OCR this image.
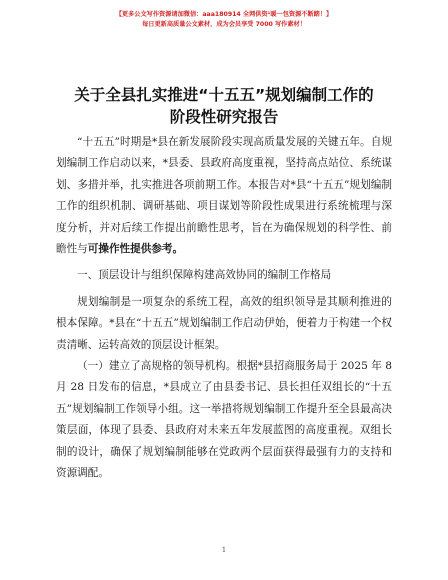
【更多公文写作资源请加微信：aaa180914 全网供资¹暖一包资源不断踏！】
每日更新高质量公文素材，成为会员享受 7000 写作素材！
关于全县扎实推进“十五五”规划编制工作的
阶段性研究报告

“十五五”时期是*县在新发展阶段实现高质量发展的关键五年。自规划编制工作启动以来，*县委、县政府高度重视，坚持高点站位、系统谋划、多措并举，扎实推进各项前期工作。本报告对*县“十五五”规划编制工作的组织机制、调研基础、项目谋划等阶段性成果进行系统梳理与深度分析，并对后续工作提出前瞻性思考，旨在为确保规划的科学性、前瞻性与可操作性提供参考。

一、顶层设计与组织保障构建高效协同的编制工作格局

规划编制是一项复杂的系统工程，高效的组织领导是其顺利推进的根本保障。*县在“十五五”规划编制工作启动伊始，便着力于构建一个权责清晰、运转高效的顶层设计框架。

（一）建立了高规格的领导机构。根据*县招商服务局于 2025 年 8 月 28 日发布的信息，*县成立了由县委书记、县长担任双组长的“十五五”规划编制工作领导小组。这一举措将规划编制工作提升至全县最高决策层面，体现了县委、县政府对未来五年发展蓝图的高度重视。双组长制的设计，确保了规划编制能够在党政两个层面获得最强有力的支持和资源调配。

1
